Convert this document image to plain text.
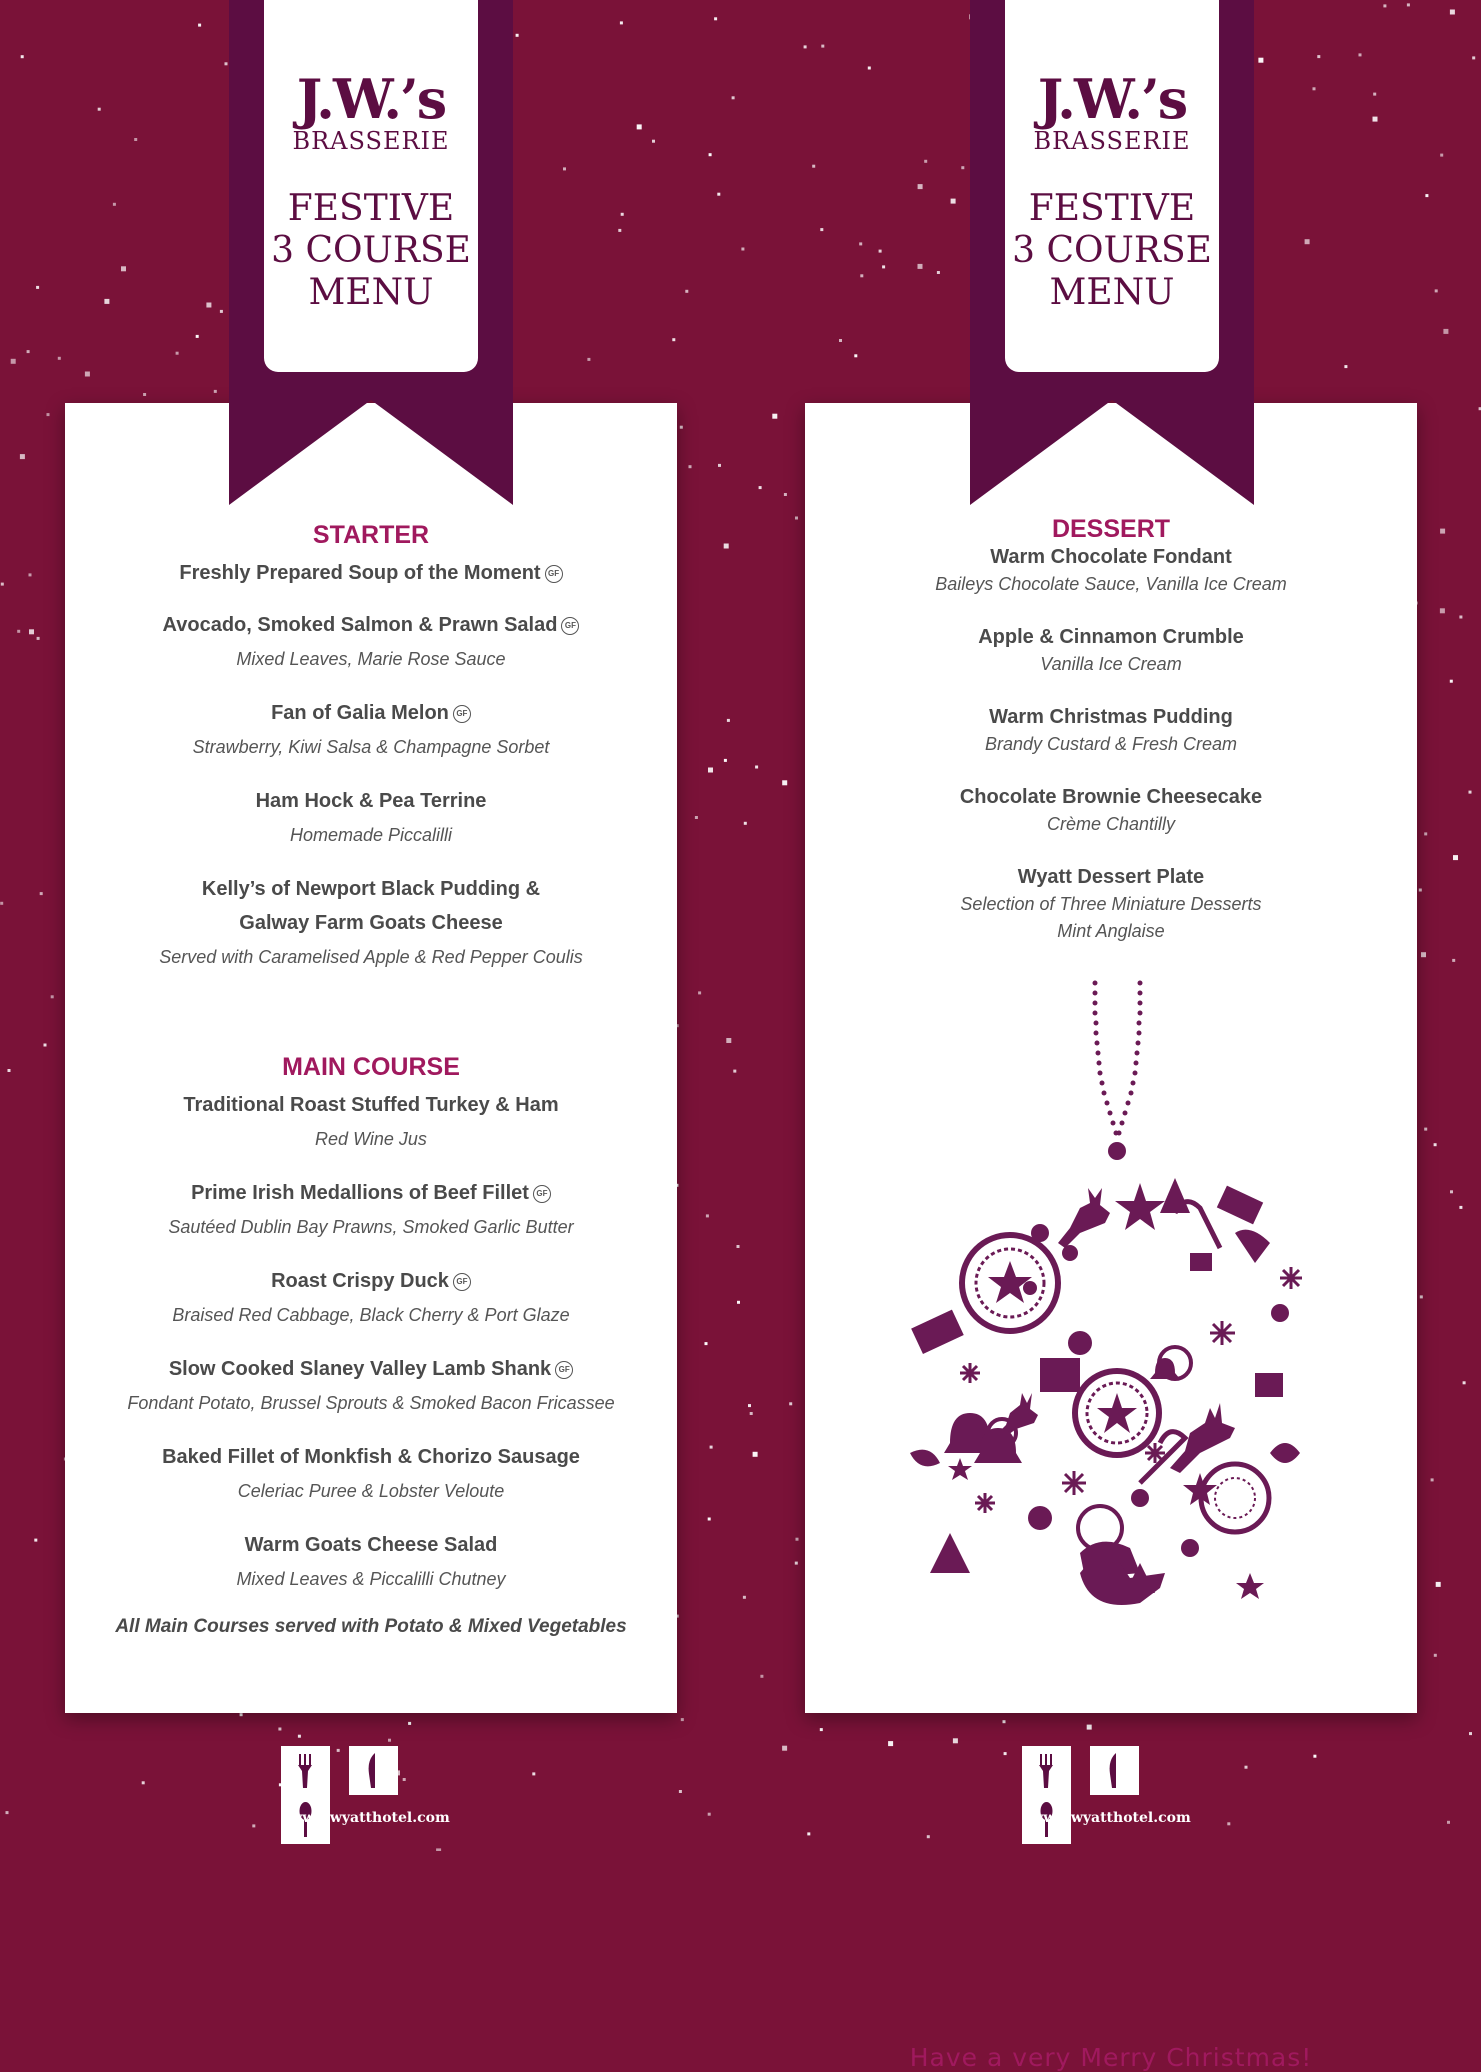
STARTER
Freshly Prepared Soup of the Moment GF
Avocado, Smoked Salmon & Prawn Salad GF
Mixed Leaves, Marie Rose Sauce
Fan of Galia Melon GF
Strawberry, Kiwi Salsa & Champagne Sorbet
Ham Hock & Pea Terrine
Homemade Piccalilli
Kelly’s of Newport Black Pudding &
Galway Farm Goats Cheese
Served with Caramelised Apple & Red Pepper Coulis
MAIN COURSE
Traditional Roast Stuffed Turkey & Ham
Red Wine Jus
Prime Irish Medallions of Beef Fillet GF
Sautéed Dublin Bay Prawns, Smoked Garlic Butter
Roast Crispy Duck GF
Braised Red Cabbage, Black Cherry & Port Glaze
Slow Cooked Slaney Valley Lamb Shank GF
Fondant Potato, Brussel Sprouts & Smoked Bacon Fricassee
Baked Fillet of Monkfish & Chorizo Sausage
Celeriac Puree & Lobster Veloute
Warm Goats Cheese Salad
Mixed Leaves & Piccalilli Chutney
All Main Courses served with Potato & Mixed Vegetables
DESSERT
Warm Chocolate Fondant
Baileys Chocolate Sauce, Vanilla Ice Cream
Apple & Cinnamon Crumble
Vanilla Ice Cream
Warm Christmas Pudding
Brandy Custard & Fresh Cream
Chocolate Brownie Cheesecake
Crème Chantilly
Wyatt Dessert Plate
Selection of Three Miniature Desserts
Mint Anglaise
Have a very Merry Christmas!
J.W.’s
BRASSERIE
FESTIVE
3 COURSE
MENU
J.W.’s
BRASSERIE
FESTIVE
3 COURSE
MENU

www.wyatthotel.com
	www.wyatthotel.com
